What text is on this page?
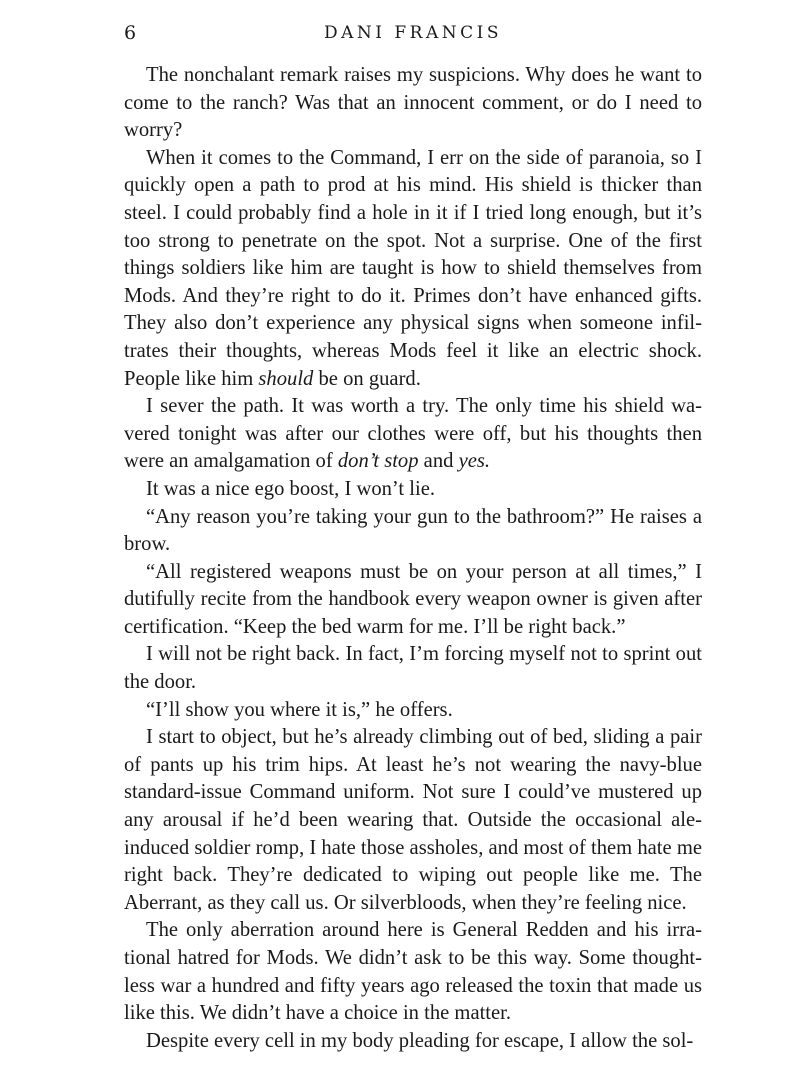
6	DANI FRANCIS

The nonchalant remark raises my suspicions. Why does he want to come to the ranch? Was that an innocent comment, or do I need to worry?

When it comes to the Command, I err on the side of paranoia, so I quickly open a path to prod at his mind. His shield is thicker than steel. I could probably find a hole in it if I tried long enough, but it’s too strong to penetrate on the spot. Not a surprise. One of the first things soldiers like him are taught is how to shield themselves from Mods. And they’re right to do it. Primes don’t have enhanced gifts. They also don’t experience any physical signs when someone infiltrates their thoughts, whereas Mods feel it like an electric shock. People like him should be on guard.

I sever the path. It was worth a try. The only time his shield wavered tonight was after our clothes were off, but his thoughts then were an amalgamation of don’t stop and yes.

It was a nice ego boost, I won’t lie.

“Any reason you’re taking your gun to the bathroom?” He raises a brow.

“All registered weapons must be on your person at all times,” I dutifully recite from the handbook every weapon owner is given after certification. “Keep the bed warm for me. I’ll be right back.”

I will not be right back. In fact, I’m forcing myself not to sprint out the door.

“I’ll show you where it is,” he offers.

I start to object, but he’s already climbing out of bed, sliding a pair of pants up his trim hips. At least he’s not wearing the navy-blue standard-issue Command uniform. Not sure I could’ve mustered up any arousal if he’d been wearing that. Outside the occasional ale-induced soldier romp, I hate those assholes, and most of them hate me right back. They’re dedicated to wiping out people like me. The Aberrant, as they call us. Or silverbloods, when they’re feeling nice.

The only aberration around here is General Redden and his irrational hatred for Mods. We didn’t ask to be this way. Some thoughtless war a hundred and fifty years ago released the toxin that made us like this. We didn’t have a choice in the matter.

Despite every cell in my body pleading for escape, I allow the sol-
